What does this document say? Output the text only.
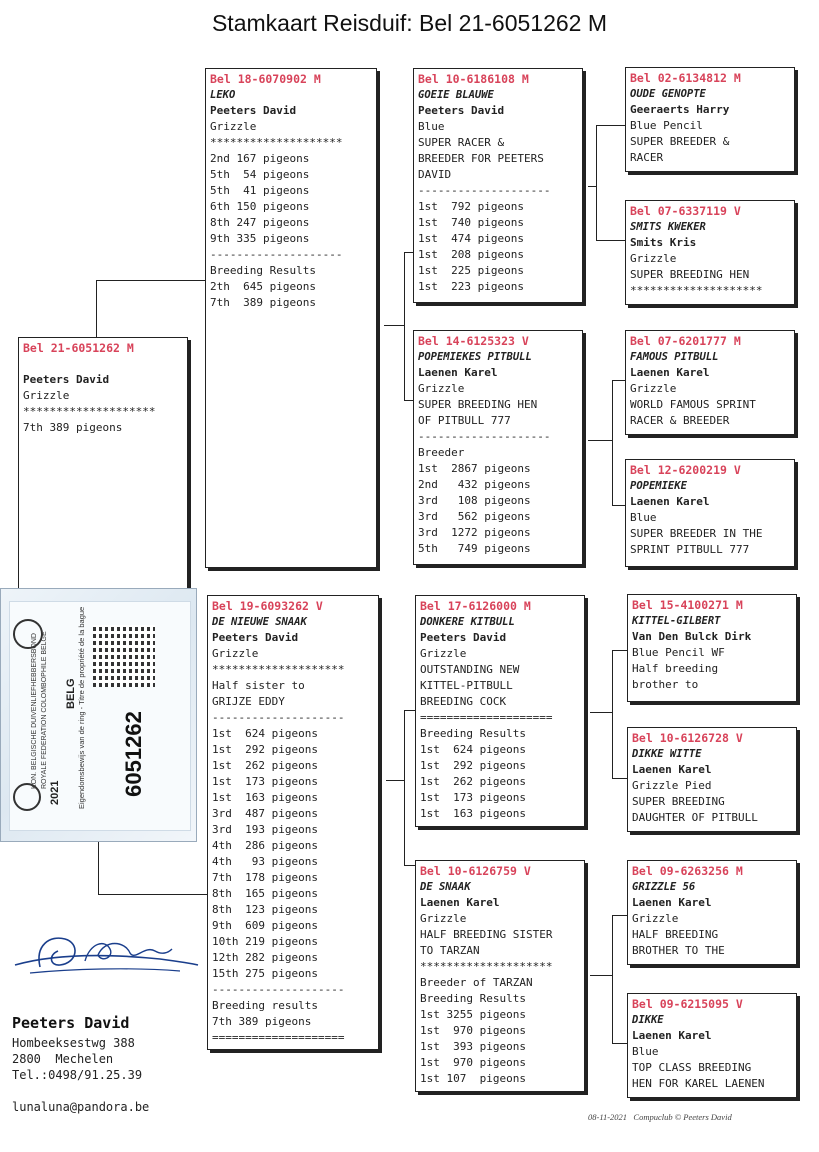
Stamkaart Reisduif: Bel 21-6051262 M
Bel 21-6051262 M
Peeters David
Grizzle
********************
7th 389 pigeons
Bel 18-6070902 M
LEKO
Peeters David
Grizzle
********************
2nd 167 pigeons
5th  54 pigeons
5th  41 pigeons
6th 150 pigeons
8th 247 pigeons
9th 335 pigeons
--------------------
Breeding Results
2th  645 pigeons
7th  389 pigeons
Bel 19-6093262 V
DE NIEUWE SNAAK
Peeters David
Grizzle
********************
Half sister to
GRIJZE EDDY
--------------------
1st  624 pigeons
1st  292 pigeons
1st  262 pigeons
1st  173 pigeons
1st  163 pigeons
3rd  487 pigeons
3rd  193 pigeons
4th  286 pigeons
4th   93 pigeons
7th  178 pigeons
8th  165 pigeons
8th  123 pigeons
9th  609 pigeons
10th 219 pigeons
12th 282 pigeons
15th 275 pigeons
--------------------
Breeding results
7th 389 pigeons
====================
Bel 10-6186108 M
GOEIE BLAUWE
Peeters David
Blue
SUPER RACER &
BREEDER FOR PEETERS
DAVID
--------------------
1st  792 pigeons
1st  740 pigeons
1st  474 pigeons
1st  208 pigeons
1st  225 pigeons
1st  223 pigeons
Bel 14-6125323 V
POPEMIEKES PITBULL
Laenen Karel
Grizzle
SUPER BREEDING HEN
OF PITBULL 777
--------------------
Breeder
1st  2867 pigeons
2nd   432 pigeons
3rd   108 pigeons
3rd   562 pigeons
3rd  1272 pigeons
5th   749 pigeons
Bel 17-6126000 M
DONKERE KITBULL
Peeters David
Grizzle
OUTSTANDING NEW
KITTEL-PITBULL
BREEDING COCK
====================
Breeding Results
1st  624 pigeons
1st  292 pigeons
1st  262 pigeons
1st  173 pigeons
1st  163 pigeons
Bel 10-6126759 V
DE SNAAK
Laenen Karel
Grizzle
HALF BREEDING SISTER
TO TARZAN
********************
Breeder of TARZAN
Breeding Results
1st 3255 pigeons
1st  970 pigeons
1st  393 pigeons
1st  970 pigeons
1st 107  pigeons
Bel 02-6134812 M
OUDE GENOPTE
Geeraerts Harry
Blue Pencil
SUPER BREEDER &
RACER
Bel 07-6337119 V
SMITS KWEKER
Smits Kris
Grizzle
SUPER BREEDING HEN
********************
Bel 07-6201777 M
FAMOUS PITBULL
Laenen Karel
Grizzle
WORLD FAMOUS SPRINT
RACER & BREEDER
Bel 12-6200219 V
POPEMIEKE
Laenen Karel
Blue
SUPER BREEDER IN THE
SPRINT PITBULL 777
Bel 15-4100271 M
KITTEL-GILBERT
Van Den Bulck Dirk
Blue Pencil WF
Half breeding
brother to
Bel 10-6126728 V
DIKKE WITTE
Laenen Karel
Grizzle Pied
SUPER BREEDING
DAUGHTER OF PITBULL
Bel 09-6263256 M
GRIZZLE 56
Laenen Karel
Grizzle
HALF BREEDING
BROTHER TO THE
Bel 09-6215095 V
DIKKE
Laenen Karel
Blue
TOP CLASS BREEDING
HEN FOR KAREL LAENEN
KON. BELGISCHE DUIVENLIEFHEBBERSBOND ROYALE FEDERATION COLOMBOPHILE BELGE BELG
2021 Eigendomsbewijs van de ring - Titre de propriété de la bague 6051262
Peeters David
Hombeeksestwg 388
2800  Mechelen
Tel.:0498/91.25.39
lunaluna@pandora.be
08-11-2021 Compuclub © Peeters David
